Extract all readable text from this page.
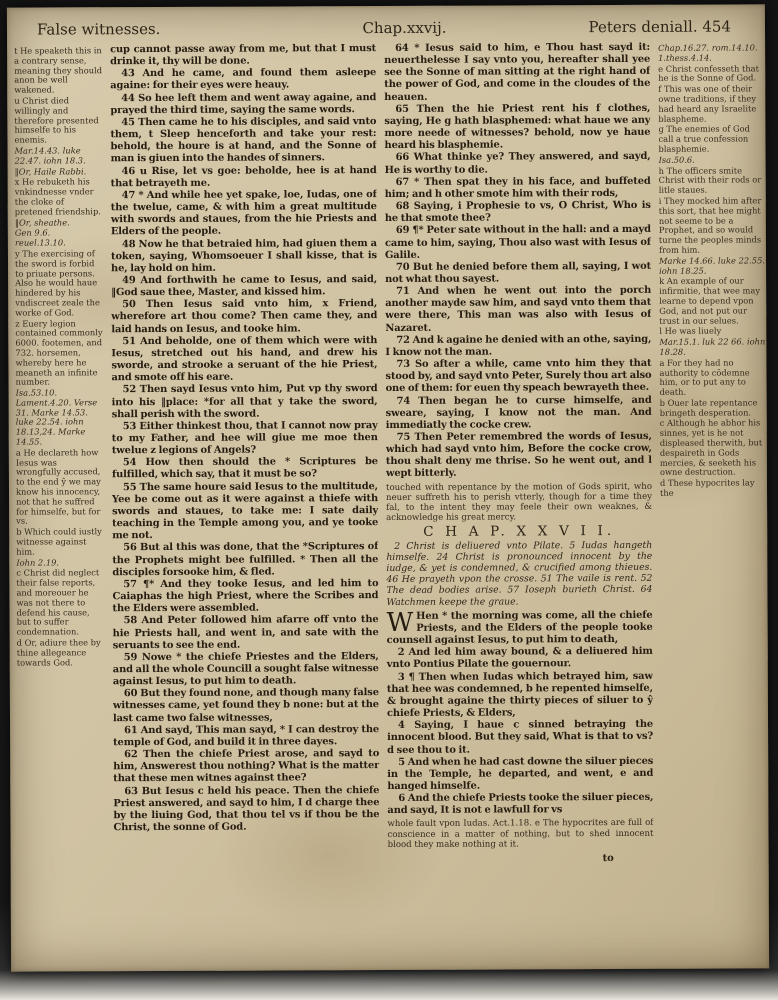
False witnesses.	Chap.xxvij.	Peters deniall. 454
t He speaketh this in a contrary sense, meaning they should anon be well wakened.
u Christ died willingly and therefore presented himselfe to his enemis.
Mar.14.43. luke 22.47. iohn 18.3.
‖Or, Haile Rabbi.
x He rebuketh his vnkindnesse vnder the cloke of pretened friendship.
‖Or, sheathe.
Gen 9.6. reuel.13.10.
y The exercising of the sword is forbid to priuate persons. Also he would haue hindered by his vndiscreet zeale the worke of God.
z Euery legion contained commonly 6000. footemen, and 732. horsemen, whereby here he meaneth an infinite number.
Isa.53.10. Lament.4.20. Verse 31. Marke 14.53. luke 22.54. iohn 18.13,24. Marke 14.55.
a He declareth how Iesus was wrongfully accused, to the end ŷ we may know his innocency, not that he suffred for himselfe, but for vs.
b Which could iustly witnesse against him.
Iohn 2.19.
c Christ did neglect their false reports, and moreouer he was not there to defend his cause, but to suffer condemnation.
d Or, adiure thee by thine allegeance towards God.
cup cannot passe away from me, but that I must drinke it, thy will be done.
43 And he came, and found them asleepe againe: for their eyes were heauy.
44 So hee left them and went away againe, and prayed the third time, saying the same words.
45 Then came he to his disciples, and said vnto them, t Sleep henceforth and take your rest: behold, the houre is at hand, and the Sonne of man is giuen into the handes of sinners.
46 u Rise, let vs goe: beholde, hee is at hand that betrayeth me.
47 * And while hee yet spake, loe, Iudas, one of the twelue, came, & with him a great multitude with swords and staues, from the hie Priests and Elders of the people.
48 Now he that betraied him, had giuen them a token, saying, Whomsoeuer I shall kisse, that is he, lay hold on him.
49 And forthwith he came to Iesus, and said, ‖God saue thee, Master, and kissed him.
50 Then Iesus said vnto him, x Friend, wherefore art thou come? Then came they, and laid hands on Iesus, and tooke him.
51 And beholde, one of them which were with Iesus, stretched out his hand, and drew his sworde, and strooke a seruant of the hie Priest, and smote off his eare.
52 Then sayd Iesus vnto him, Put vp thy sword into his ‖place: *for all that y take the sword, shall perish with the sword.
53 Either thinkest thou, that I cannot now pray to my Father, and hee will giue me moe then twelue z legions of Angels?
54 How then should the * Scriptures be fulfilled, which say, that it must be so?
55 The same houre said Iesus to the multitude, Yee be come out as it were against a thiefe with swords and staues, to take me: I sate daily teaching in the Temple among you, and ye tooke me not.
56 But al this was done, that the *Scriptures of the Prophets might bee fulfilled. * Then all the disciples forsooke him, & fled.
57 ¶* And they tooke Iesus, and led him to Caiaphas the high Priest, where the Scribes and the Elders were assembled.
58 And Peter followed him afarre off vnto the hie Priests hall, and went in, and sate with the seruants to see the end.
59 Nowe * the chiefe Priestes and the Elders, and all the whole Councill a sought false witnesse against Iesus, to put him to death.
60 But they found none, and though many false witnesses came, yet found they b none: but at the last came two false witnesses,
61 And sayd, This man sayd, * I can destroy the temple of God, and build it in three dayes.
62 Then the chiefe Priest arose, and sayd to him, Answerest thou nothing? What is the matter that these men witnes against thee?
63 But Iesus c held his peace. Then the chiefe Priest answered, and sayd to him, I d charge thee by the liuing God, that thou tel vs if thou be the Christ, the sonne of God.
64 * Iesus said to him, e Thou hast sayd it: neuerthelesse I say vnto you, hereafter shall yee see the Sonne of man sitting at the right hand of the power of God, and come in the cloudes of the heauen.
65 Then the hie Priest rent his f clothes, saying, He g hath blasphemed: what haue we any more neede of witnesses? behold, now ye haue heard his blasphemie.
66 What thinke ye? They answered, and sayd, He is worthy to die.
67 * Then spat they in his face, and buffeted him; and h other smote him with their rods,
68 Saying, i Prophesie to vs, O Christ, Who is he that smote thee?
69 ¶* Peter sate without in the hall: and a mayd came to him, saying, Thou also wast with Iesus of Galile.
70 But he denied before them all, saying, I wot not what thou sayest.
71 And when he went out into the porch another mayde saw him, and sayd vnto them that were there, This man was also with Iesus of Nazaret.
72 And k againe he denied with an othe, saying, I know not the man.
73 So after a while, came vnto him they that stood by, and sayd vnto Peter, Surely thou art also one of them: for euen thy speach bewrayeth thee.
74 Then began he to curse himselfe, and sweare, saying, I know not the man. And immediatly the cocke crew.
75 Then Peter remembred the words of Iesus, which had sayd vnto him, Before the cocke crow, thou shalt deny me thrise. So he went out, and l wept bitterly.
touched with repentance by the motion of Gods spirit, who neuer suffreth his to perish vtterly, though for a time they fal, to the intent they may feele their own weaknes, & acknowledge his great mercy.
C H A P. X X V I I.
2 Christ is deliuered vnto Pilate. 5 Iudas hangeth himselfe. 24 Christ is pronounced innocent by the iudge, & yet is condemned, & crucified among thieues. 46 He prayeth vpon the crosse. 51 The vaile is rent. 52 The dead bodies arise. 57 Ioseph burieth Christ. 64 Watchmen keepe the graue.
W Hen * the morning was come, all the chiefe Priests, and the Elders of the people tooke counsell against Iesus, to put him to death,
2 And led him away bound, & a deliuered him vnto Pontius Pilate the gouernour.
3 ¶ Then when Iudas which betrayed him, saw that hee was condemned, b he repented himselfe, & brought againe the thirty pieces of siluer to ŷ chiefe Priests, & Elders,
4 Saying, I haue c sinned betraying the innocent blood. But they said, What is that to vs? d see thou to it.
5 And when he had cast downe the siluer pieces in the Temple, he departed, and went, e and hanged himselfe.
6 And the chiefe Priests tooke the siluer pieces, and sayd, It is not e lawfull for vs
whole fault vpon Iudas. Act.1.18. e The hypocrites are full of conscience in a matter of nothing, but to shed innocent blood they make nothing at it.
to
Chap.16.27. rom.14.10. 1.thess.4.14.
e Christ confesseth that he is the Sonne of God.
f This was one of their owne traditions, if they had heard any Israelite blaspheme.
g The enemies of God call a true confession blasphemie.
Isa.50.6.
h The officers smite Christ with their rods or litle staues.
i They mocked him after this sort, that hee might not seeme to be a Prophet, and so would turne the peoples minds from him.
Marke 14.66. luke 22.55. iohn 18.25.
k An example of our infirmitie, that wee may learne to depend vpon God, and not put our trust in our selues.
l He was liuely
Mar.15.1. luk 22 66. iohn 18.28.
a For they had no authority to cōdemne him, or to put any to death.
b Ouer late repentance bringeth desperation.
c Although he abhor his sinnes, yet is he not displeased therwith, but despaireth in Gods mercies, & seeketh his owne destruction.
d These hypocrites lay the
